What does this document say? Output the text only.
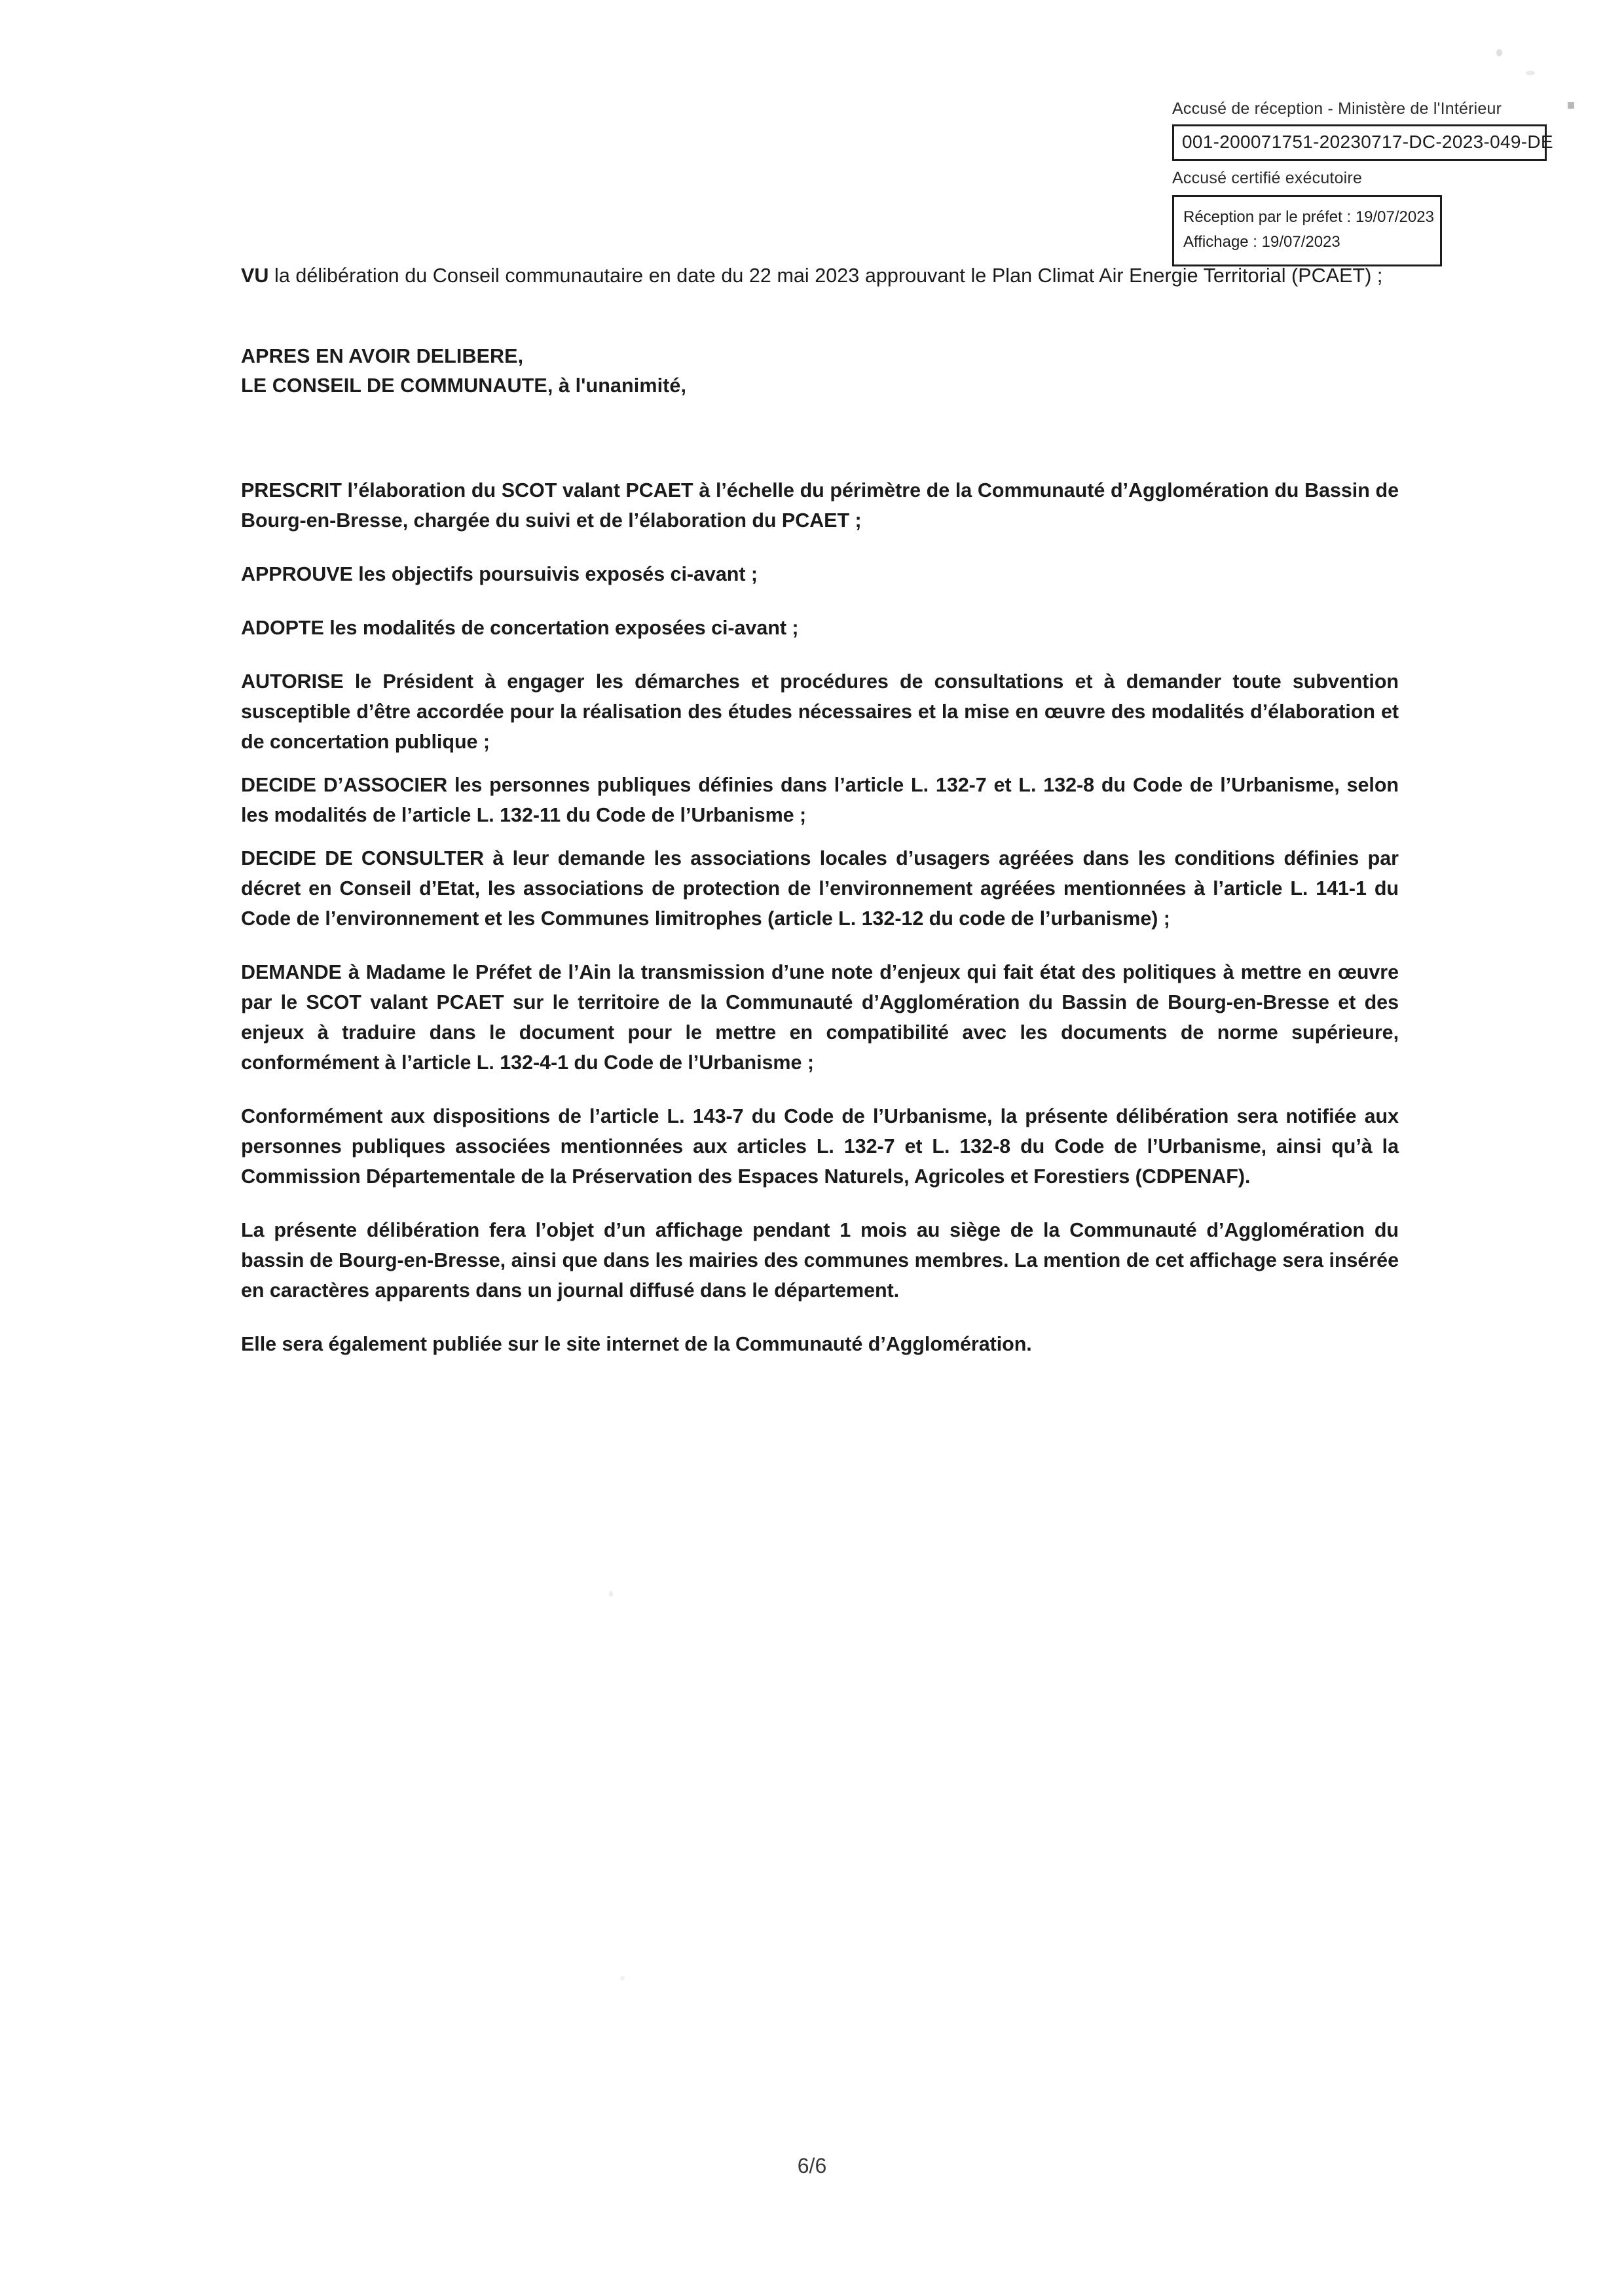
Accusé de réception - Ministère de l'Intérieur
001-200071751-20230717-DC-2023-049-DE
Accusé certifié exécutoire
Réception par le préfet : 19/07/2023
Affichage : 19/07/2023

VU la délibération du Conseil communautaire en date du 22 mai 2023 approuvant le Plan Climat Air Energie Territorial (PCAET) ;

APRES EN AVOIR DELIBERE,

LE CONSEIL DE COMMUNAUTE, à l'unanimité,

PRESCRIT l’élaboration du SCOT valant PCAET à l’échelle du périmètre de la Communauté d’Agglomération du Bassin de Bourg-en-Bresse, chargée du suivi et de l’élaboration du PCAET ;

APPROUVE les objectifs poursuivis exposés ci-avant ;

ADOPTE les modalités de concertation exposées ci-avant ;

AUTORISE le Président à engager les démarches et procédures de consultations et à demander toute subvention susceptible d’être accordée pour la réalisation des études nécessaires et la mise en œuvre des modalités d’élaboration et de concertation publique ;

DECIDE D’ASSOCIER les personnes publiques définies dans l’article L. 132-7 et L. 132-8 du Code de l’Urbanisme, selon les modalités de l’article L. 132-11 du Code de l’Urbanisme ;

DECIDE DE CONSULTER à leur demande les associations locales d’usagers agréées dans les conditions définies par décret en Conseil d’Etat, les associations de protection de l’environnement agréées mentionnées à l’article L. 141-1 du Code de l’environnement et les Communes limitrophes (article L. 132-12 du code de l’urbanisme) ;

DEMANDE à Madame le Préfet de l’Ain la transmission d’une note d’enjeux qui fait état des politiques à mettre en œuvre par le SCOT valant PCAET sur le territoire de la Communauté d’Agglomération du Bassin de Bourg-en-Bresse et des enjeux à traduire dans le document pour le mettre en compatibilité avec les documents de norme supérieure, conformément à l’article L. 132-4-1 du Code de l’Urbanisme ;

Conformément aux dispositions de l’article L. 143-7 du Code de l’Urbanisme, la présente délibération sera notifiée aux personnes publiques associées mentionnées aux articles L. 132-7 et L. 132-8 du Code de l’Urbanisme, ainsi qu’à la Commission Départementale de la Préservation des Espaces Naturels, Agricoles et Forestiers (CDPENAF).

La présente délibération fera l’objet d’un affichage pendant 1 mois au siège de la Communauté d’Agglomération du bassin de Bourg-en-Bresse, ainsi que dans les mairies des communes membres. La mention de cet affichage sera insérée en caractères apparents dans un journal diffusé dans le département.

Elle sera également publiée sur le site internet de la Communauté d’Agglomération.

6/6
